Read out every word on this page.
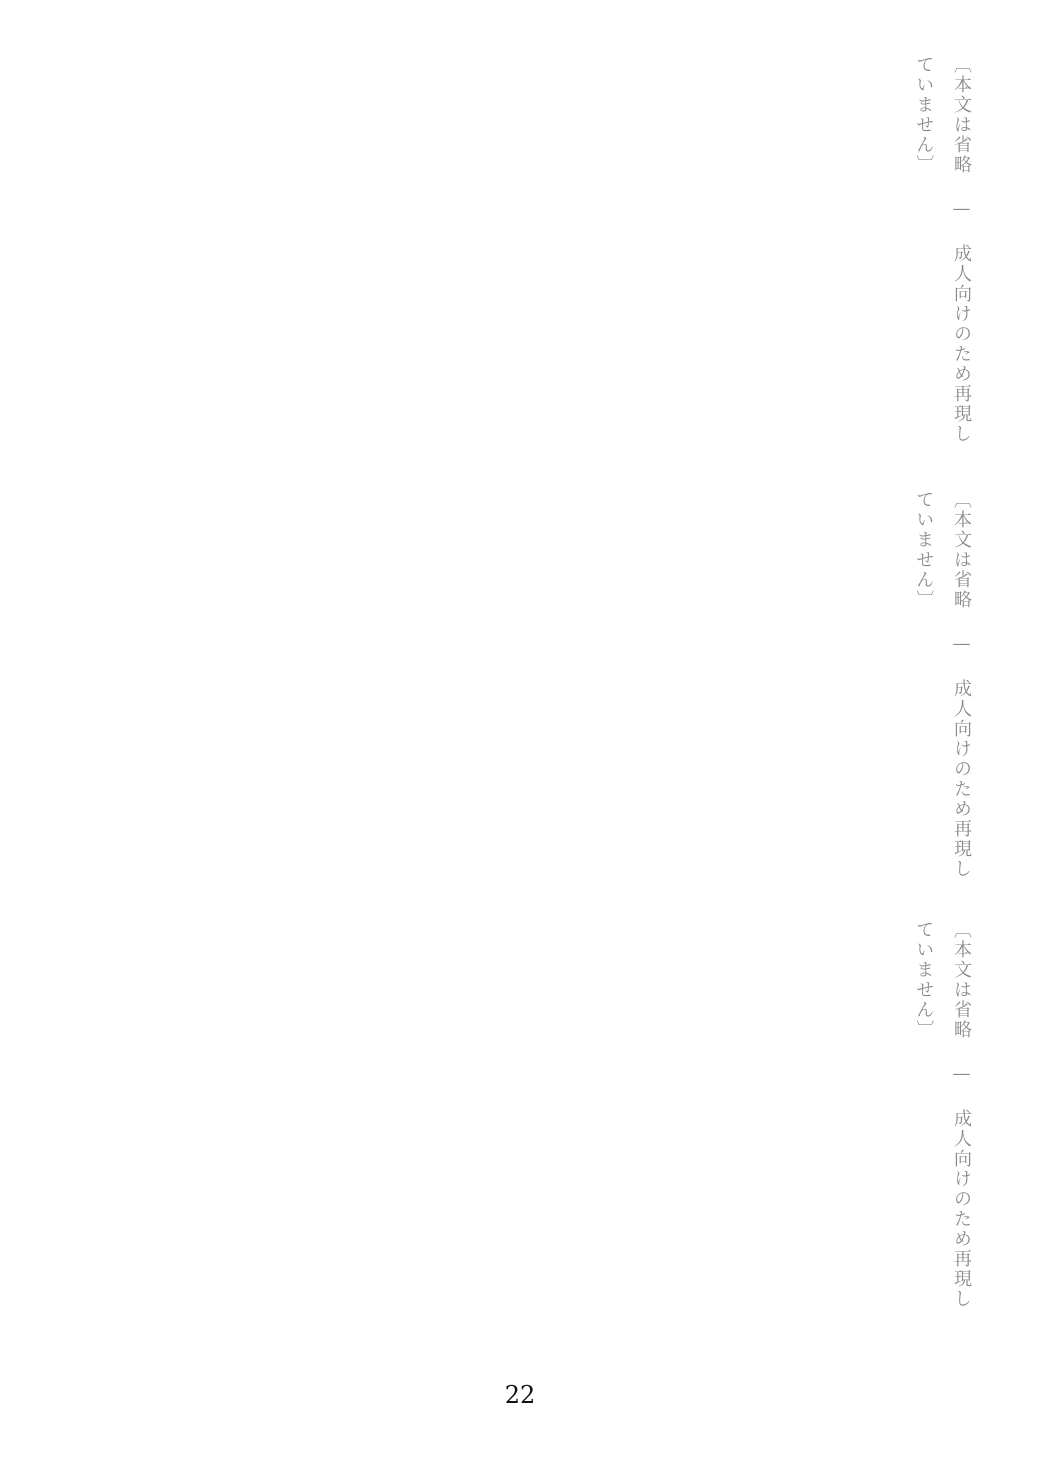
〔本文は省略 — 成人向けのため再現していません〕
〔本文は省略 — 成人向けのため再現していません〕
〔本文は省略 — 成人向けのため再現していません〕
22
